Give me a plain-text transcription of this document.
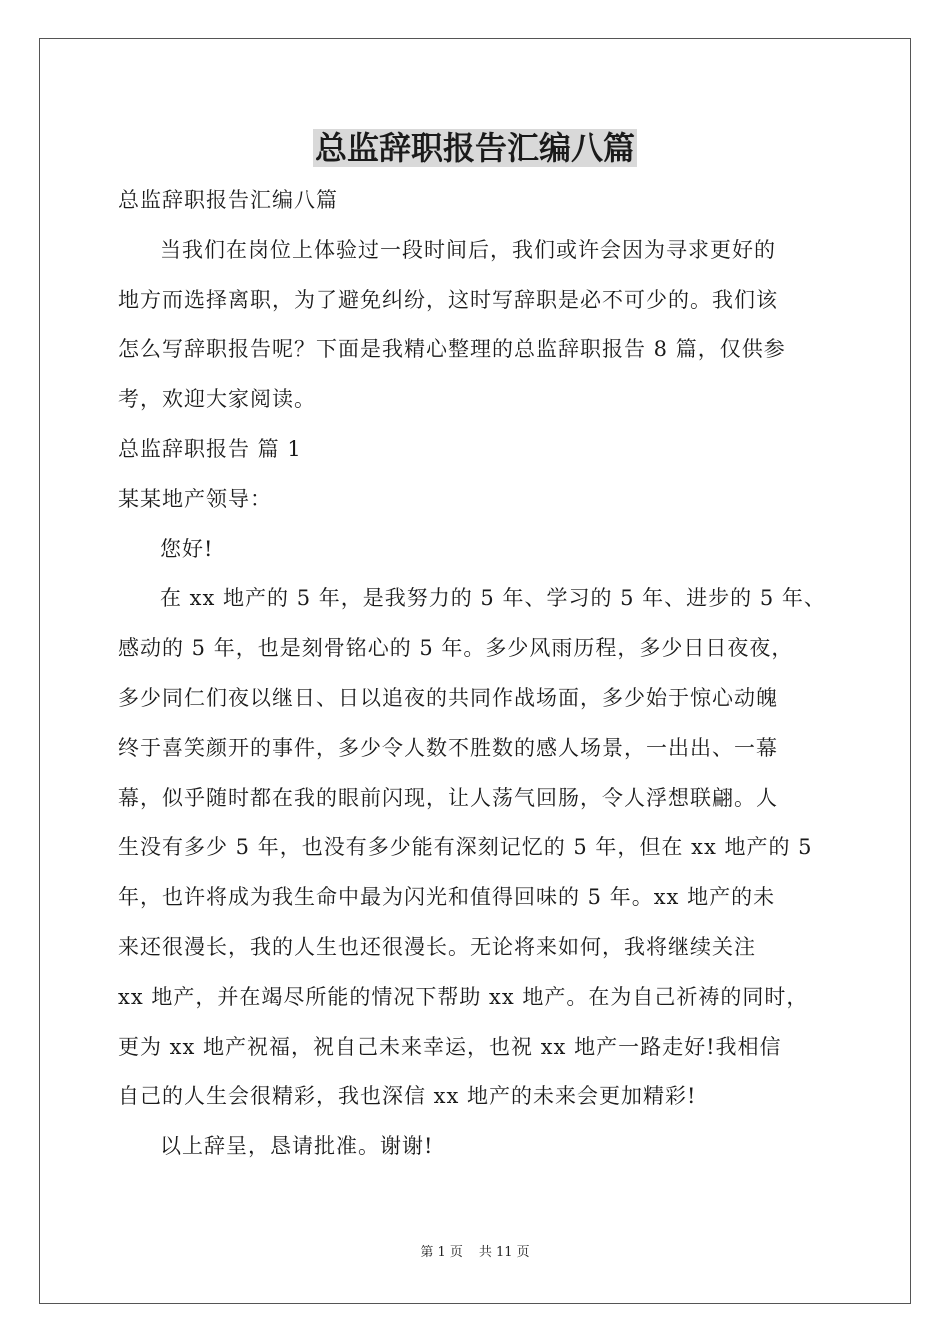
总监辞职报告汇编八篇
总监辞职报告汇编八篇
当我们在岗位上体验过一段时间后，我们或许会因为寻求更好的
地方而选择离职，为了避免纠纷，这时写辞职是必不可少的。我们该
怎么写辞职报告呢？下面是我精心整理的总监辞职报告 8 篇，仅供参
考，欢迎大家阅读。
总监辞职报告 篇 1
某某地产领导：
您好!
在 xx 地产的 5 年，是我努力的 5 年、学习的 5 年、进步的 5 年、
感动的 5 年，也是刻骨铭心的 5 年。多少风雨历程，多少日日夜夜，
多少同仁们夜以继日、日以追夜的共同作战场面，多少始于惊心动魄
终于喜笑颜开的事件，多少令人数不胜数的感人场景，一出出、一幕
幕，似乎随时都在我的眼前闪现，让人荡气回肠，令人浮想联翩。人
生没有多少 5 年，也没有多少能有深刻记忆的 5 年，但在 xx 地产的 5
年，也许将成为我生命中最为闪光和值得回味的 5 年。xx 地产的未
来还很漫长，我的人生也还很漫长。无论将来如何，我将继续关注
xx 地产，并在竭尽所能的情况下帮助 xx 地产。在为自己祈祷的同时，
更为 xx 地产祝福，祝自己未来幸运，也祝 xx 地产一路走好!我相信
自己的人生会很精彩，我也深信 xx 地产的未来会更加精彩!
以上辞呈，恳请批准。谢谢!
第 1 页 共 11 页
